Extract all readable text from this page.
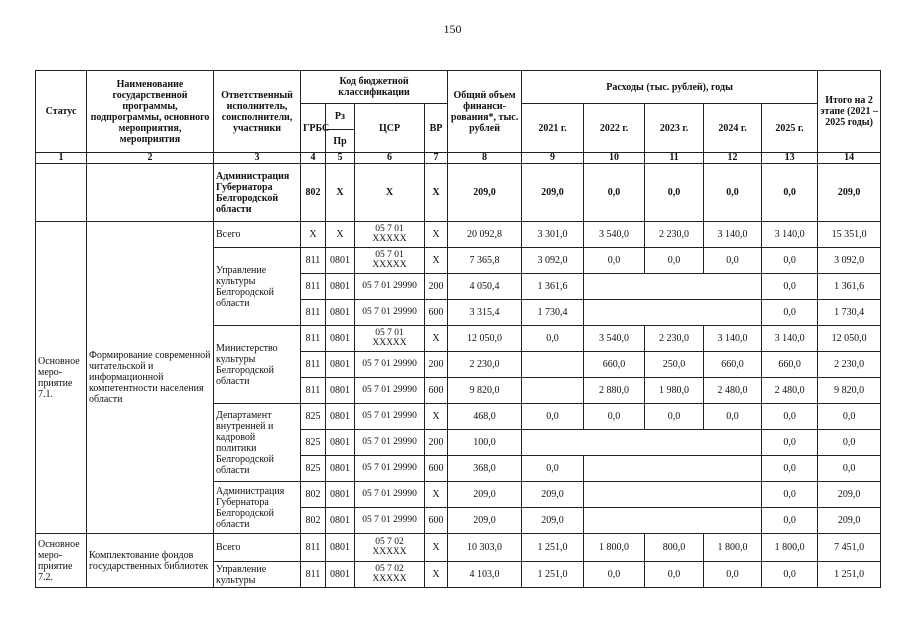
150
Статус	Наименование государственной программы, подпрограммы, основного мероприятия, мероприятия	Ответственный исполнитель, соисполнители, участники	Код бюджетной классификации				Общий объем финанси-рования*, тыс. рублей	Расходы (тыс. рублей), годы					Итого на 2 этапе (2021 – 2025 годы)
			ГРБС	Рз	ЦСР	ВР		2021 г.	2022 г.	2023 г.	2024 г.	2025 г.	
				Пр									
1	2	3	4	5	6	7	8	9	10	11	12	13	14
		Администрация Губернатора Белгородской области	802	Х	Х	Х	209,0	209,0	0,0	0,0	0,0	0,0	209,0
Основное меро-приятие 7.1.	Формирование современной читательской и информационной компетентности населения области	Всего	Х	Х	05 7 01 ХХХХХ	Х	20 092,8	3 301,0	3 540,0	2 230,0	3 140,0	3 140,0	15 351,0
		Управление культуры Белгородской области	811	0801	05 7 01 ХХХХХ	Х	7 365,8	3 092,0	0,0	0,0	0,0	0,0	3 092,0
			811	0801	05 7 01 29990	200	4 050,4	1 361,6				0,0	1 361,6
			811	0801	05 7 01 29990	600	3 315,4	1 730,4				0,0	1 730,4
		Министерство культуры Белгородской области	811	0801	05 7 01 ХХХХХ	Х	12 050,0	0,0	3 540,0	2 230,0	3 140,0	3 140,0	12 050,0
			811	0801	05 7 01 29990	200	2 230,0		660,0	250,0	660,0	660,0	2 230,0
			811	0801	05 7 01 29990	600	9 820,0		2 880,0	1 980,0	2 480,0	2 480,0	9 820,0
		Департамент внутренней и кадровой политики Белгородской области	825	0801	05 7 01 29990	Х	468,0	0,0	0,0	0,0	0,0	0,0	0,0
			825	0801	05 7 01 29990	200	100,0					0,0	0,0
			825	0801	05 7 01 29990	600	368,0	0,0				0,0	0,0
		Администрация Губернатора Белгородской области	802	0801	05 7 01 29990	Х	209,0	209,0				0,0	209,0
			802	0801	05 7 01 29990	600	209,0	209,0				0,0	209,0
Основное меро-приятие 7.2.	Комплектование фондов государственных библиотек	Всего	811	0801	05 7 02 ХХХХХ	Х	10 303,0	1 251,0	1 800,0	800,0	1 800,0	1 800,0	7 451,0
		Управление культуры	811	0801	05 7 02 ХХХХХ	Х	4 103,0	1 251,0	0,0	0,0	0,0	0,0	1 251,0
